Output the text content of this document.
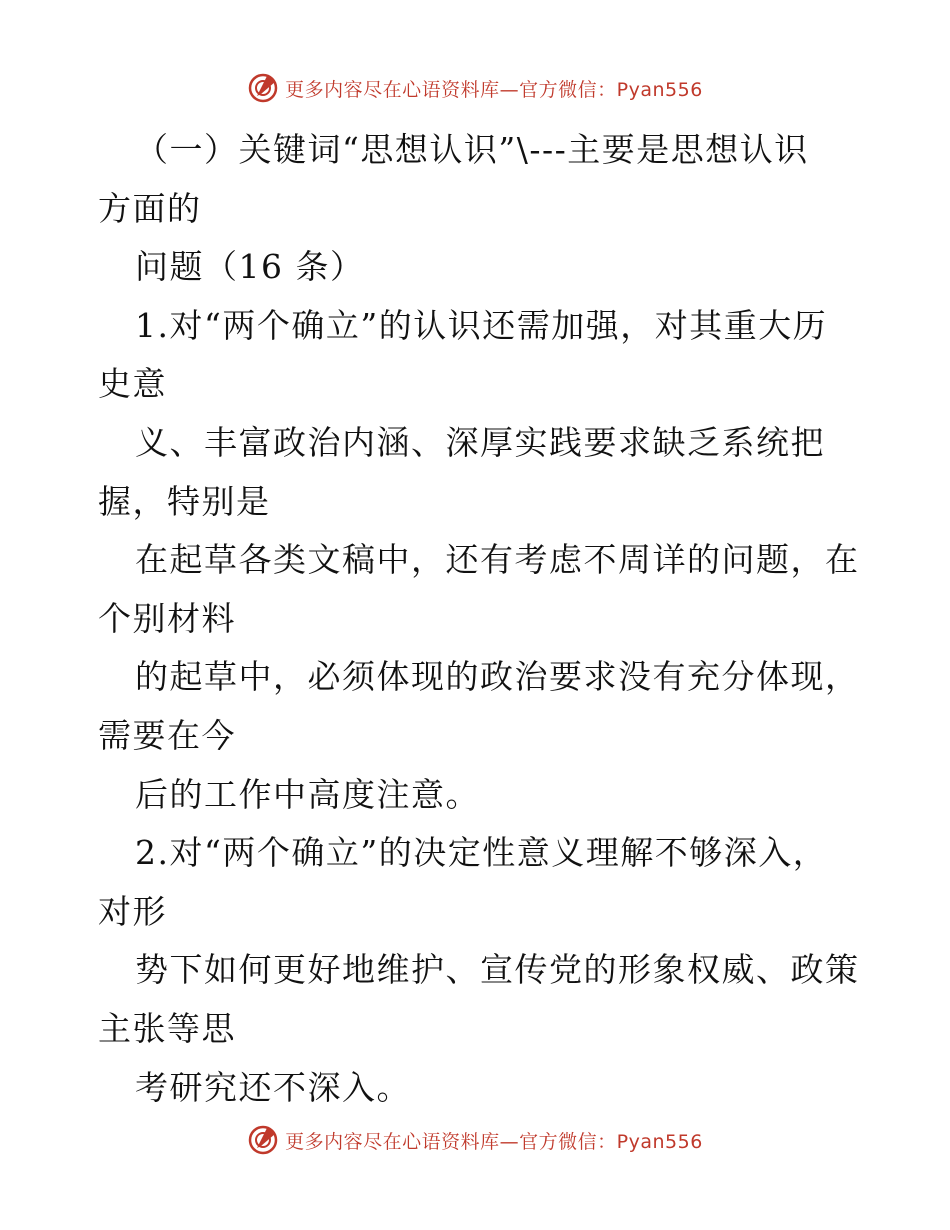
更多内容尽在心语资料库—官方微信：Pyan556
（一）关键词“思想认识”\---主要是思想认识
方面的
问题（16 条）
1.对“两个确立”的认识还需加强，对其重大历
史意
义、丰富政治内涵、深厚实践要求缺乏系统把
握，特别是
在起草各类文稿中，还有考虑不周详的问题，在
个别材料
的起草中，必须体现的政治要求没有充分体现，
需要在今
后的工作中高度注意。
2.对“两个确立”的决定性意义理解不够深入，
对形
势下如何更好地维护、宣传党的形象权威、政策
主张等思
考研究还不深入。
更多内容尽在心语资料库—官方微信：Pyan556
